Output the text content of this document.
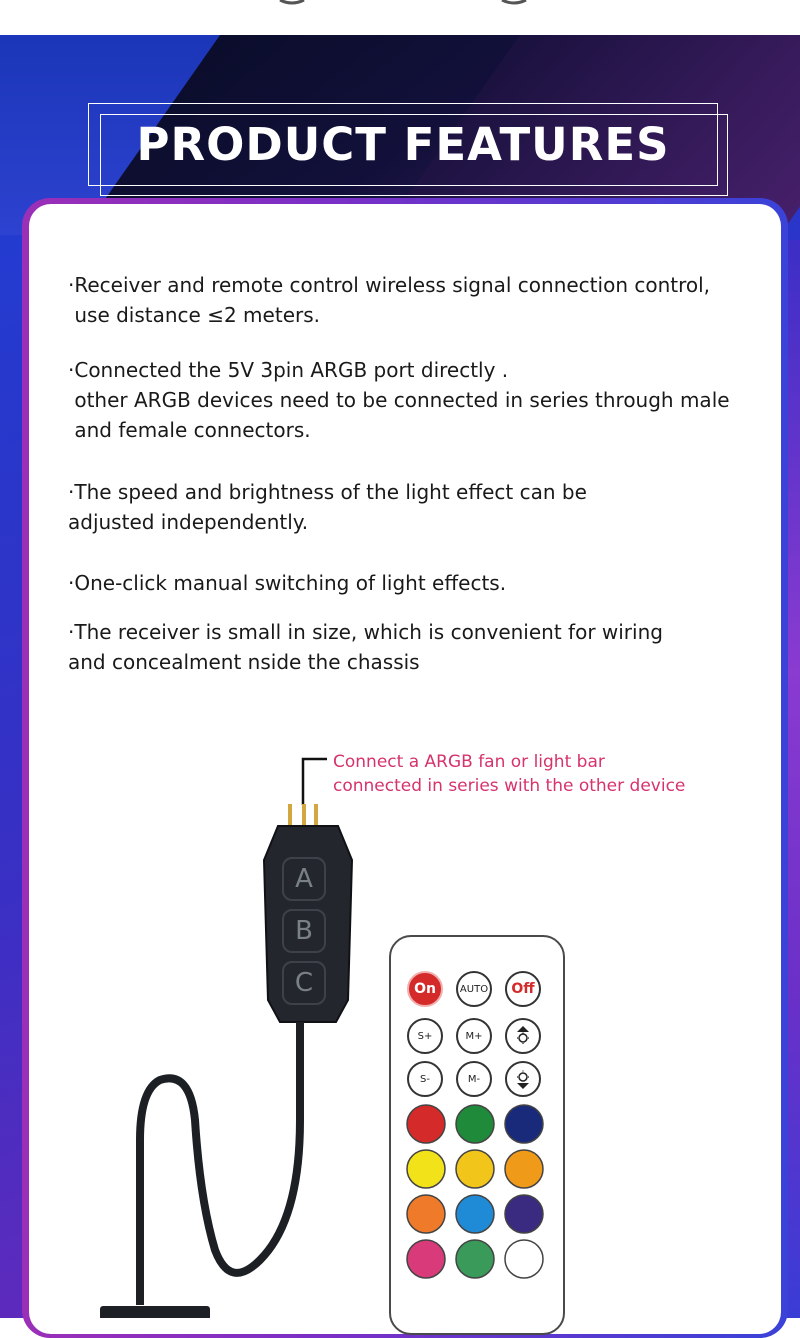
PRODUCT FEATURES

·Receiver and remote control wireless signal connection control,
use distance ≤2 meters.

·Connected the 5V 3pin ARGB port directly .
other ARGB devices need to be connected in series through male
and female connectors.

·The speed and brightness of the light effect can be
adjusted independently.

·One-click manual switching of light effects.

·The receiver is small in size, which is convenient for wiring
and concealment nside the chassis

Connect a ARGB fan or light bar
connected in series with the other device

A
B
C	On	AUTO	Off
S+	M+
S-	M-
